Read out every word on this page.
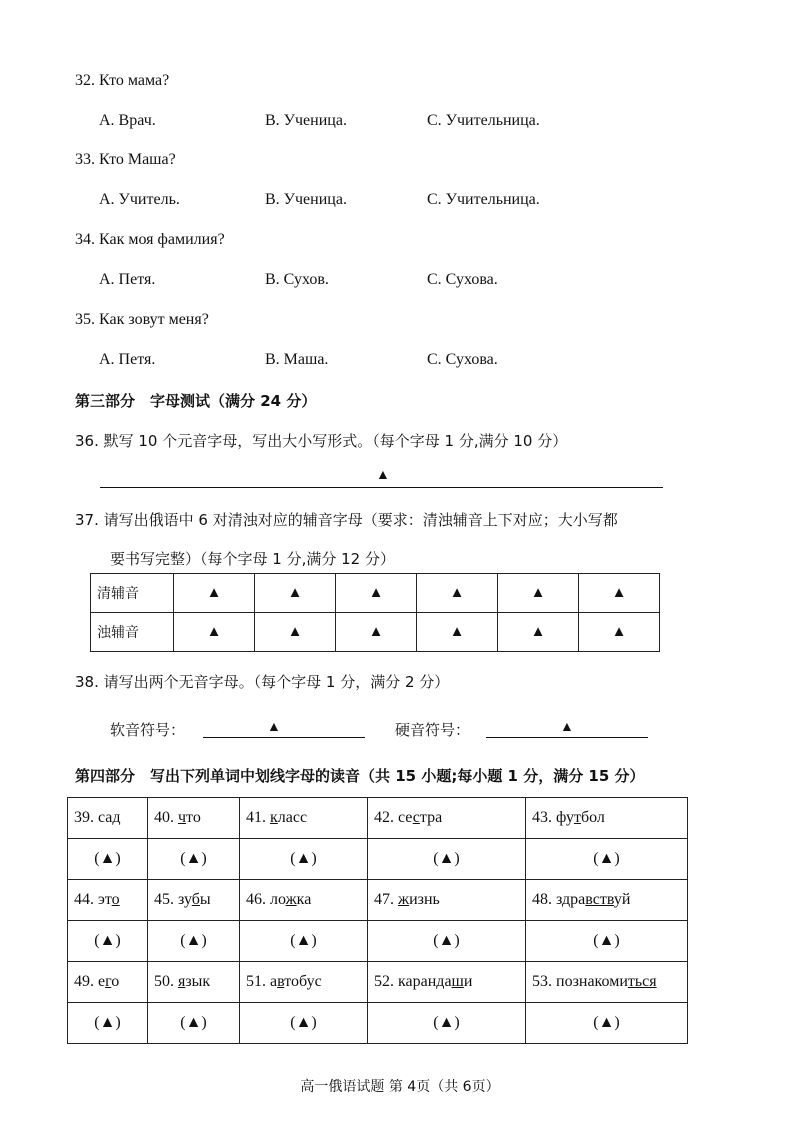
32. Кто мама?
A. Врач.	B. Ученица.	C. Учительница.
33. Кто Маша?
A. Учитель.	B. Ученица.	C. Учительница.
34. Как моя фамилия?
A. Петя.	B. Сухов.	C. Сухова.
35. Как зовут меня?
A. Петя.	B. Маша.	C. Сухова.
第三部分　字母测试（满分 24 分）
36. 默写 10 个元音字母，写出大小写形式。（每个字母 1 分,满分 10 分）
▲
37. 请写出俄语中 6 对清浊对应的辅音字母（要求：清浊辅音上下对应；大小写都
要书写完整）（每个字母 1 分,满分 12 分）
清辅音	▲	▲	▲	▲	▲	▲
浊辅音	▲	▲	▲	▲	▲	▲
38. 请写出两个无音字母。（每个字母 1 分，满分 2 分）
软音符号：	▲	硬音符号：	▲
第四部分　写出下列单词中划线字母的读音（共 15 小题;每小题 1 分，满分 15 分）
39. сад	40. что	41. класс	42. сестра	43. футбол
(▲)	(▲)	(▲)	(▲)	(▲)
44. это	45. зубы	46. ложка	47. жизнь	48. здравствуй
(▲)	(▲)	(▲)	(▲)	(▲)
49. его	50. язык	51. автобус	52. карандаши	53. познакомиться
(▲)	(▲)	(▲)	(▲)	(▲)
高一俄语试题 第 4页（共 6页）
